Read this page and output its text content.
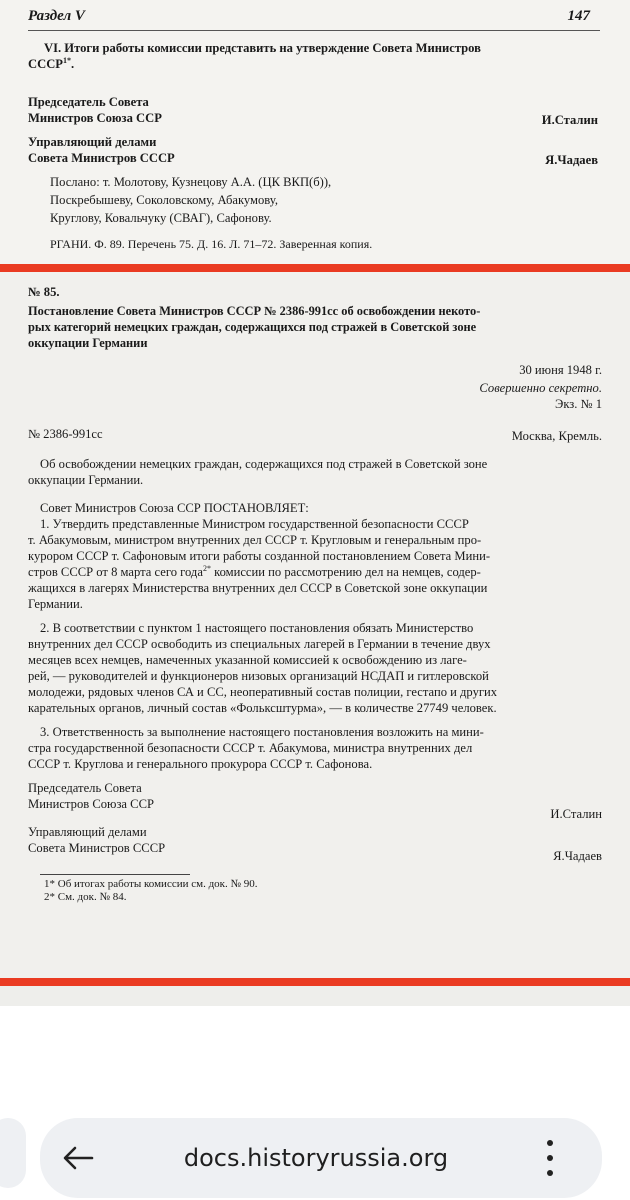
Раздел V	147

VI. Итоги работы комиссии представить на утверждение Совета Министров

$СССР^{1*}$.

Председатель Совета

Министров Союза ССР	И.Сталин

Управляющий делами

Совета Министров СССР	Я.Чадаев

Послано: т. Молотову, Кузнецову А.А. (ЦК ВКП(б)),

Поскребышеву, Соколовскому, Абакумову,

Круглову, Ковальчуку (СВАГ), Сафонову.

РГАНИ. Ф. 89. Перечень 75. Д. 16. Л. 71–72. Заверенная копия.

№ 85.

Постановление Совета Министров СССР № 2386-991сс об освобождении некото-

рых категорий немецких граждан, содержащихся под стражей в Советской зоне

оккупации Германии

30 июня 1948 г.

Совершенно секретно.

Экз. № 1

№ 2386-991сс	Москва, Кремль.

Об освобождении немецких граждан, содержащихся под стражей в Советской зоне

оккупации Германии.

Совет Министров Союза ССР ПОСТАНОВЛЯЕТ:

1. Утвердить представленные Министром государственной безопасности СССР

т. Абакумовым, министром внутренних дел СССР т. Кругловым и генеральным про-

курором СССР т. Сафоновым итоги работы созданной постановлением Совета Мини-

стров СССР от 8 марта сего года$^{2*}$ комиссии по рассмотрению дел на немцев, содер-

жащихся в лагерях Министерства внутренних дел СССР в Советской зоне оккупации

Германии.

2. В соответствии с пунктом 1 настоящего постановления обязать Министерство

внутренних дел СССР освободить из специальных лагерей в Германии в течение двух

месяцев всех немцев, намеченных указанной комиссией к освобождению из лаге-

рей, — руководителей и функционеров низовых организаций НСДАП и гитлеровской

молодежи, рядовых членов СА и СС, неоперативный состав полиции, гестапо и других

карательных органов, личный состав «Фольксштурма», — в количестве 27749 человек.

3. Ответственность за выполнение настоящего постановления возложить на мини-

стра государственной безопасности СССР т. Абакумова, министра внутренних дел

СССР т. Круглова и генерального прокурора СССР т. Сафонова.

Председатель Совета

Министров Союза ССР

И.Сталин

Управляющий делами

Совета Министров СССР

Я.Чадаев

1* Об итогах работы комиссии см. док. № 90.

2* См. док. № 84.

docs.historyrussia.org
